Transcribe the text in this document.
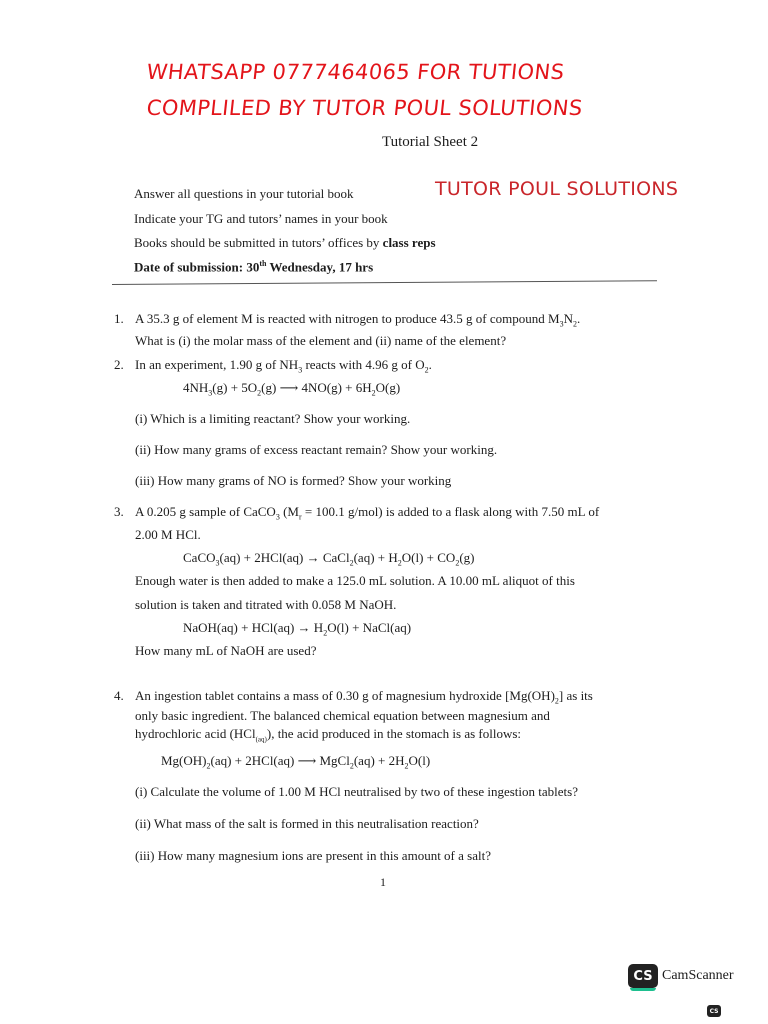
WHATSAPP 0777464065 FOR TUTIONS
COMPLILED BY TUTOR POUL SOLUTIONS
Tutorial Sheet 2
Answer all questions in your tutorial book
Indicate your TG and tutors’ names in your book
Books should be submitted in tutors’ offices by class reps
Date of submission: 30th Wednesday, 17 hrs
TUTOR POUL SOLUTIONS
1. A 35.3 g of element M is reacted with nitrogen to produce 43.5 g of compound $M_3N_2$.
What is (i) the molar mass of the element and (ii) name of the element?
2. In an experiment, 1.90 g of $NH_3$ reacts with 4.96 g of $O_2$.
$4NH_3(g) + 5O_2(g)$ ⟶ $4NO(g) + 6H_2O(g)$
(i) Which is a limiting reactant? Show your working.
(ii) How many grams of excess reactant remain? Show your working.
(iii) How many grams of NO is formed? Show your working
3. A 0.205 g sample of CaCO$_3$ ($M_r = 100.1$ g/mol) is added to a flask along with 7.50 mL of
2.00 M HCl.
CaCO$_3$(aq) + 2HCl(aq) → CaCl$_2$(aq) + $H_2O(l) + CO_2(g)$
Enough water is then added to make a 125.0 mL solution. A 10.00 mL aliquot of this
solution is taken and titrated with 0.058 M NaOH.
NaOH(aq) + $HCl(aq) \to H_2O(l)$ + NaCl(aq)
How many mL of NaOH are used?
4. An ingestion tablet contains a mass of 0.30 g of magnesium hydroxide $[Mg(OH)_2]$ as its
only basic ingredient. The balanced chemical equation between magnesium and
hydrochloric acid (HCl$_{(aq)}$), the acid produced in the stomach is as follows:
$Mg(OH)_2(aq) + 2HCl(aq)$ ⟶ MgCl$_2$(aq) + $2H_2O(l)$
(i) Calculate the volume of 1.00 M HCl neutralised by two of these ingestion tablets?
(ii) What mass of the salt is formed in this neutralisation reaction?
(iii) How many magnesium ions are present in this amount of a salt?
1
CS CamScanner
CS
